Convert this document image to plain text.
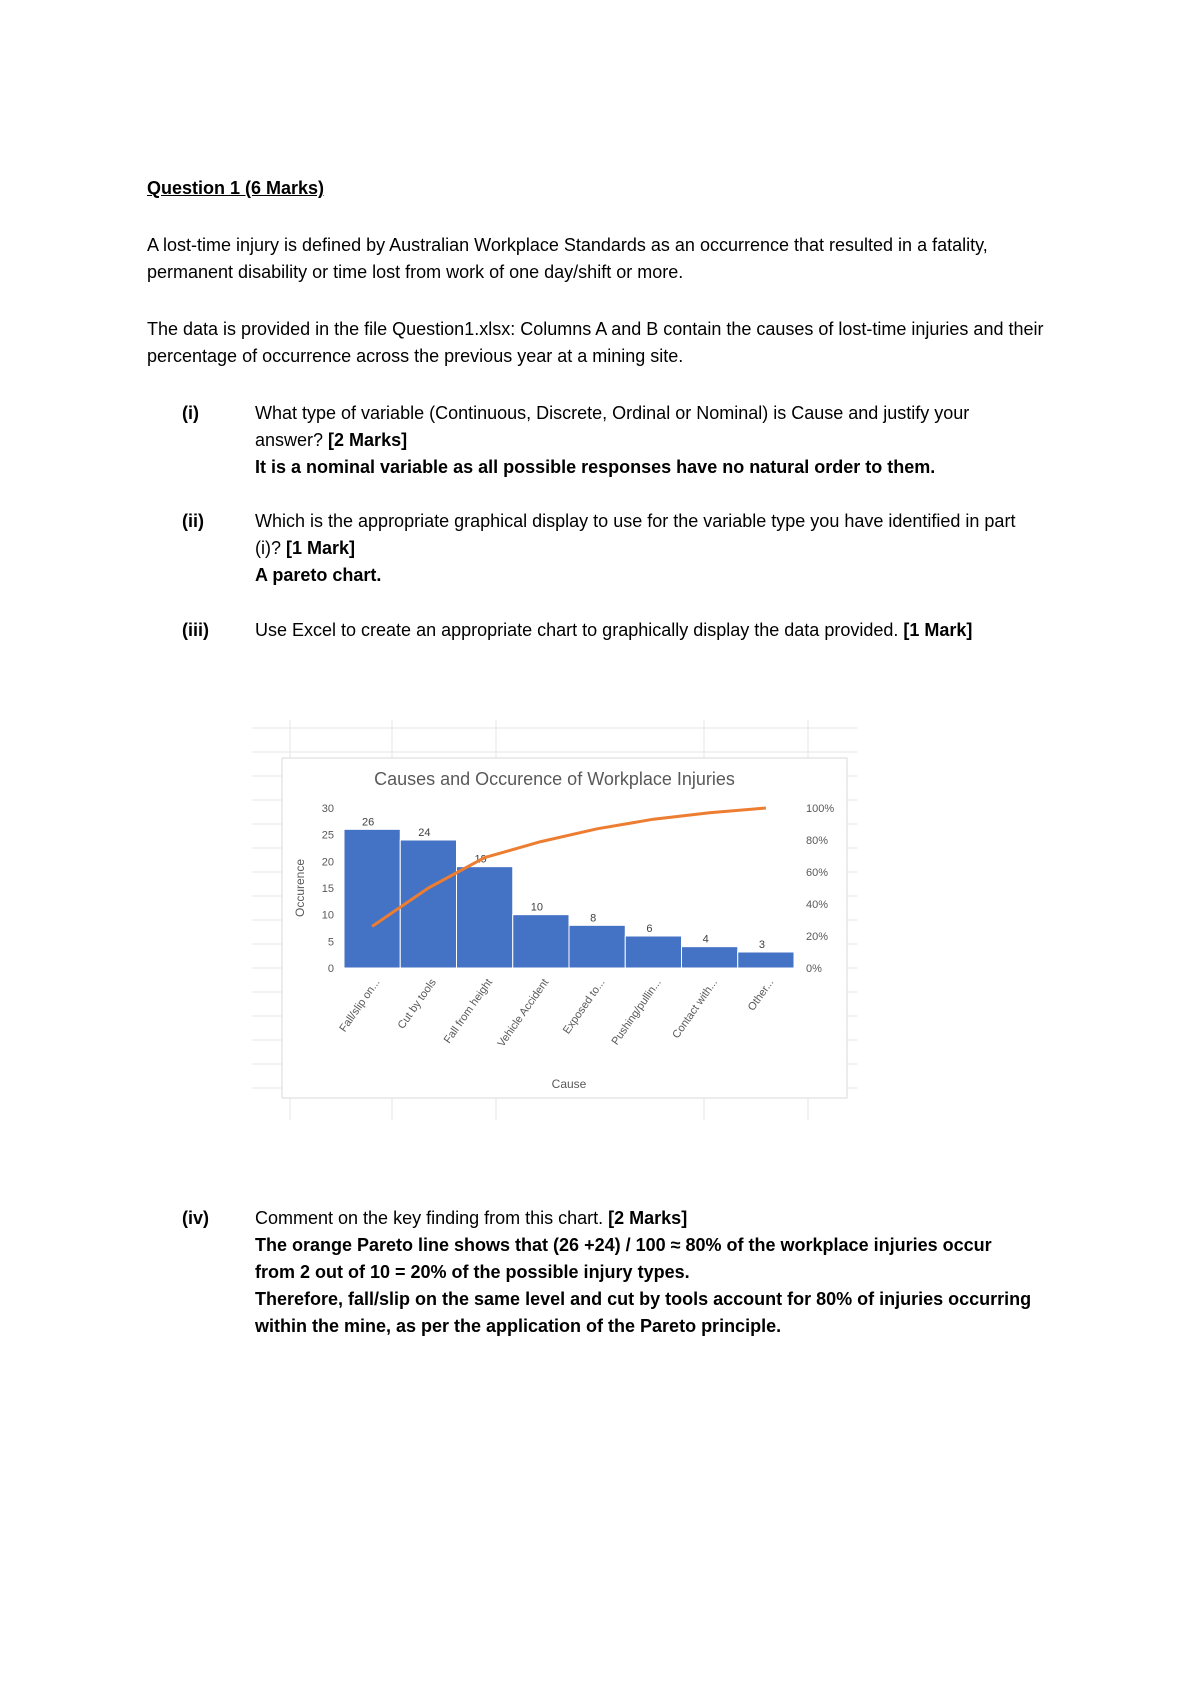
Question 1 (6 Marks)
A lost-time injury is defined by Australian Workplace Standards as an occurrence that resulted in a fatality, permanent disability or time lost from work of one day/shift or more.
The data is provided in the file Question1.xlsx: Columns A and B contain the causes of lost-time injuries and their percentage of occurrence across the previous year at a mining site.
(i)	What type of variable (Continuous, Discrete, Ordinal or Nominal) is Cause and justify your answer? [2 Marks]
It is a nominal variable as all possible responses have no natural order to them.
(ii)	Which is the appropriate graphical display to use for the variable type you have identified in part (i)? [1 Mark]
A pareto chart.
(iii)	Use Excel to create an appropriate chart to graphically display the data provided. [1 Mark]
Causes and Occurence of Workplace Injuries
0
5
10
15
20
25
30
0%
20%
40%
60%
80%
100%
Occurence
26
24
19
10
8
6
4	3
Fall/slip on... Cut by tools Fall from height Vehicle Accident Exposed to... Pushing/pullin... Contact with... Other...
Cause
(iv)	Comment on the key finding from this chart. [2 Marks]
The orange Pareto line shows that (26 +24) / 100 ≈ 80% of the workplace injuries occur from 2 out of 10 = 20% of the possible injury types.
Therefore, fall/slip on the same level and cut by tools account for 80% of injuries occurring within the mine, as per the application of the Pareto principle.
